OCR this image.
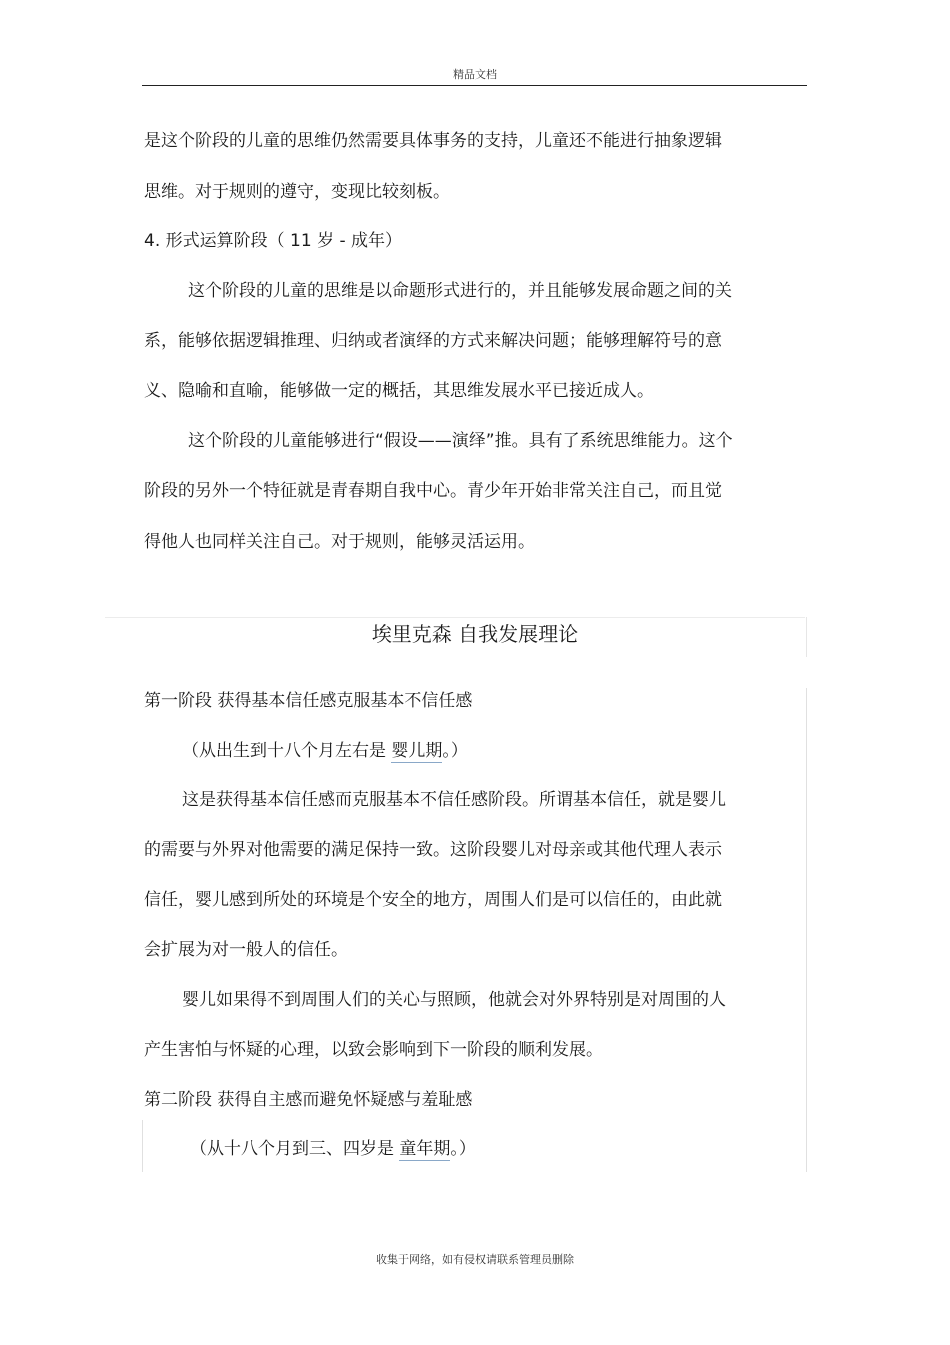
精品文档
是这个阶段的儿童的思维仍然需要具体事务的支持，儿童还不能进行抽象逻辑
思维。对于规则的遵守，变现比较刻板。
4. 形式运算阶段（ 11 岁 - 成年）
这个阶段的儿童的思维是以命题形式进行的，并且能够发展命题之间的关
系，能够依据逻辑推理、归纳或者演绎的方式来解决问题；能够理解符号的意
义、隐喻和直喻，能够做一定的概括，其思维发展水平已接近成人。
这个阶段的儿童能够进行“假设——演绎”推。具有了系统思维能力。这个
阶段的另外一个特征就是青春期自我中心。青少年开始非常关注自己，而且觉
得他人也同样关注自己。对于规则，能够灵活运用。
埃里克森 自我发展理论
第一阶段 获得基本信任感克服基本不信任感
（从出生到十八个月左右是 婴儿期。）
这是获得基本信任感而克服基本不信任感阶段。所谓基本信任，就是婴儿
的需要与外界对他需要的满足保持一致。这阶段婴儿对母亲或其他代理人表示
信任，婴儿感到所处的环境是个安全的地方，周围人们是可以信任的，由此就
会扩展为对一般人的信任。
婴儿如果得不到周围人们的关心与照顾，他就会对外界特别是对周围的人
产生害怕与怀疑的心理，以致会影响到下一阶段的顺利发展。
第二阶段 获得自主感而避免怀疑感与羞耻感
（从十八个月到三、四岁是 童年期。）
收集于网络，如有侵权请联系管理员删除
